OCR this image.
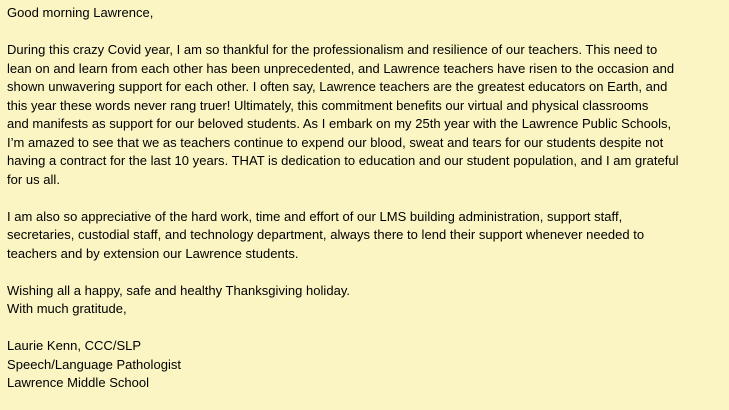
Good morning Lawrence,
During this crazy Covid year, I am so thankful for the professionalism and resilience of our teachers. This need to
lean on and learn from each other has been unprecedented, and Lawrence teachers have risen to the occasion and
shown unwavering support for each other. I often say, Lawrence teachers are the greatest educators on Earth, and
this year these words never rang truer! Ultimately, this commitment benefits our virtual and physical classrooms
and manifests as support for our beloved students. As I embark on my 25th year with the Lawrence Public Schools,
I’m amazed to see that we as teachers continue to expend our blood, sweat and tears for our students despite not
having a contract for the last 10 years. THAT is dedication to education and our student population, and I am grateful
for us all.
I am also so appreciative of the hard work, time and effort of our LMS building administration, support staff,
secretaries, custodial staff, and technology department, always there to lend their support whenever needed to
teachers and by extension our Lawrence students.
Wishing all a happy, safe and healthy Thanksgiving holiday.
With much gratitude,
Laurie Kenn, CCC/SLP
Speech/Language Pathologist
Lawrence Middle School
